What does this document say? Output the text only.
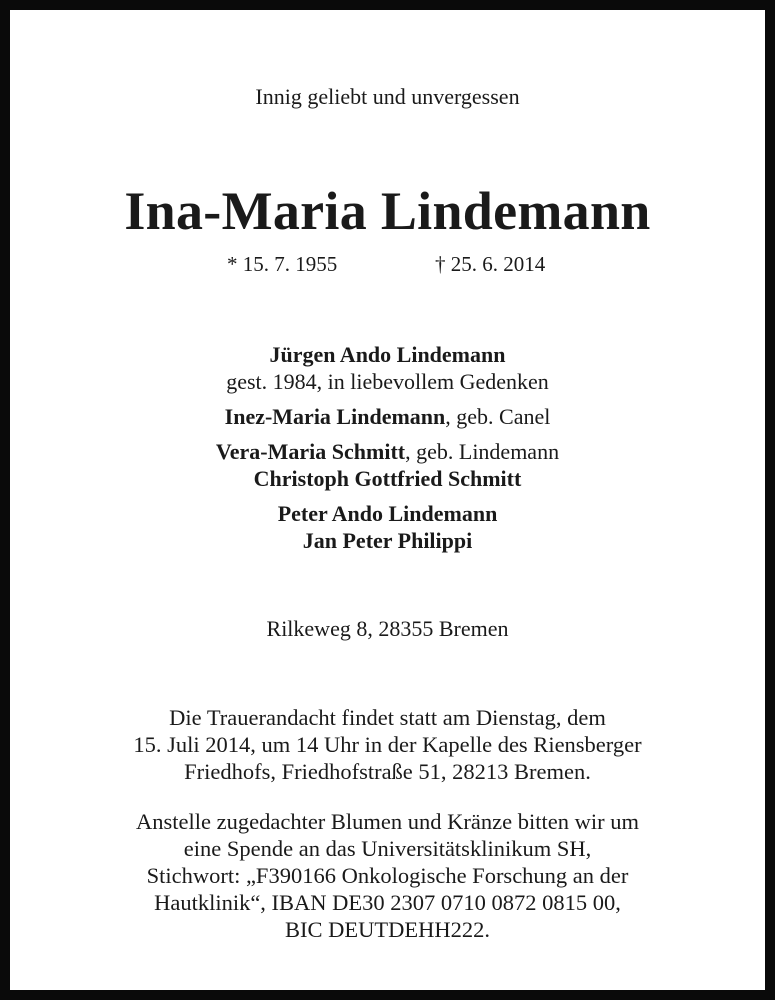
Innig geliebt und unvergessen
Ina-Maria Lindemann
* 15. 7. 1955	† 25. 6. 2014
Jürgen Ando Lindemann
gest. 1984, in liebevollem Gedenken
Inez-Maria Lindemann, geb. Canel
Vera-Maria Schmitt, geb. Lindemann
Christoph Gottfried Schmitt
Peter Ando Lindemann
Jan Peter Philippi
Rilkeweg 8, 28355 Bremen
Die Trauerandacht findet statt am Dienstag, dem
15. Juli 2014, um 14 Uhr in der Kapelle des Riensberger
Friedhofs, Friedhofstraße 51, 28213 Bremen.
Anstelle zugedachter Blumen und Kränze bitten wir um
eine Spende an das Universitätsklinikum SH,
Stichwort: „F390166 Onkologische Forschung an der
Hautklinik“, IBAN DE30 2307 0710 0872 0815 00,
BIC DEUTDEHH222.
